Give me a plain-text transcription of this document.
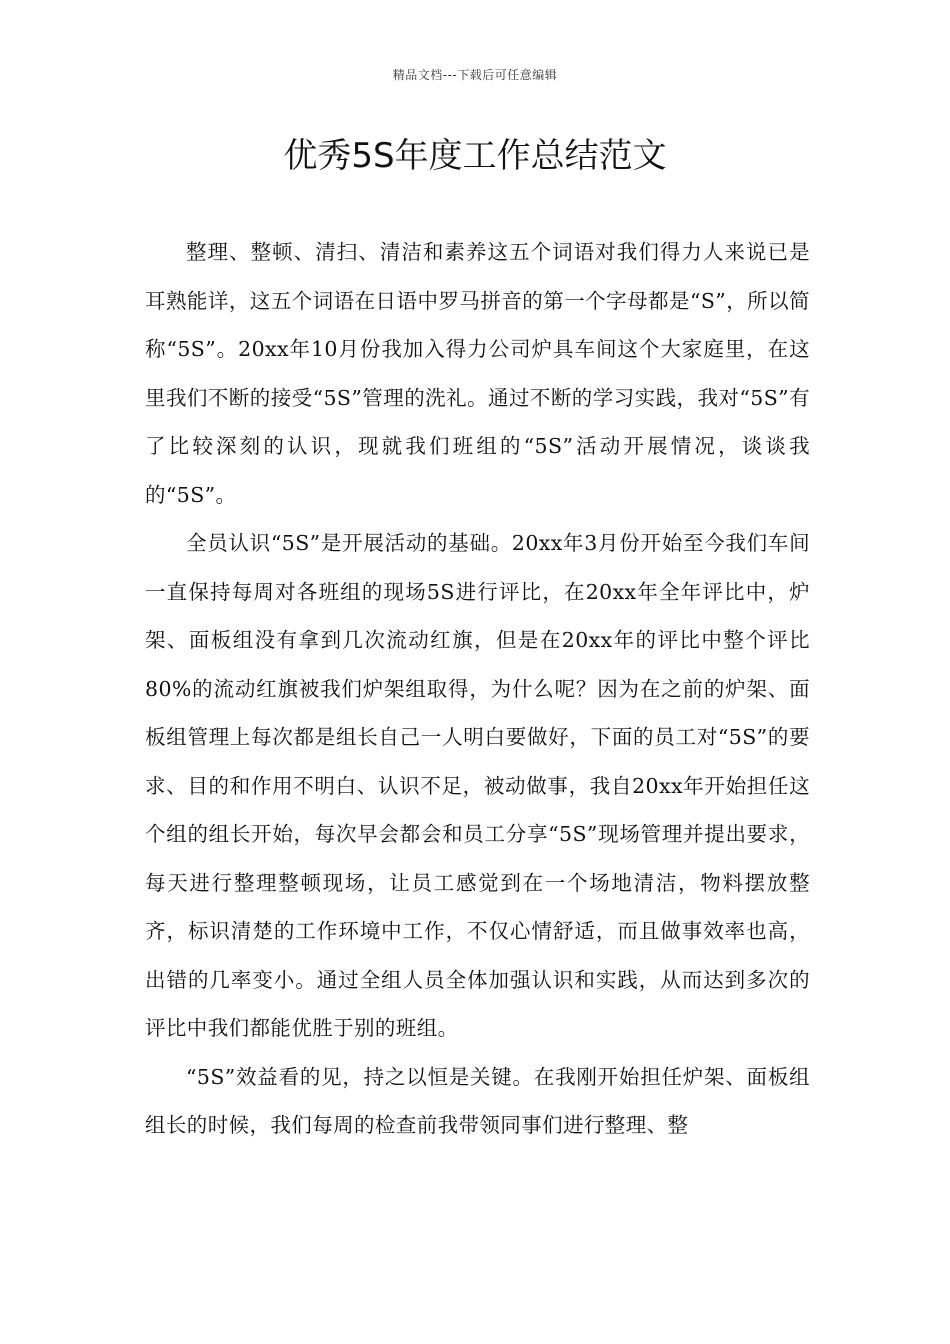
精品文档---下载后可任意编辑
优秀5S年度工作总结范文

整理、整顿、清扫、清洁和素养这五个词语对我们得力人来说已是耳熟能详，这五个词语在日语中罗马拼音的第一个字母都是“S”，所以简称“5S”。20xx年10月份我加入得力公司炉具车间这个大家庭里，在这里我们不断的接受“5S”管理的洗礼。通过不断的学习实践，我对“5S”有了比较深刻的认识，现就我们班组的“5S”活动开展情况，谈谈我的“5S”。

全员认识“5S”是开展活动的基础。20xx年3月份开始至今我们车间一直保持每周对各班组的现场5S进行评比，在20xx年全年评比中，炉架、面板组没有拿到几次流动红旗，但是在20xx年的评比中整个评比80%的流动红旗被我们炉架组取得，为什么呢？因为在之前的炉架、面板组管理上每次都是组长自己一人明白要做好，下面的员工对“5S”的要求、目的和作用不明白、认识不足，被动做事，我自20xx年开始担任这个组的组长开始，每次早会都会和员工分享“5S”现场管理并提出要求，每天进行整理整顿现场，让员工感觉到在一个场地清洁，物料摆放整齐，标识清楚的工作环境中工作，不仅心情舒适，而且做事效率也高，出错的几率变小。通过全组人员全体加强认识和实践，从而达到多次的评比中我们都能优胜于别的班组。

“5S”效益看的见，持之以恒是关键。在我刚开始担任炉架、面板组组长的时候，我们每周的检查前我带领同事们进行整理、整
